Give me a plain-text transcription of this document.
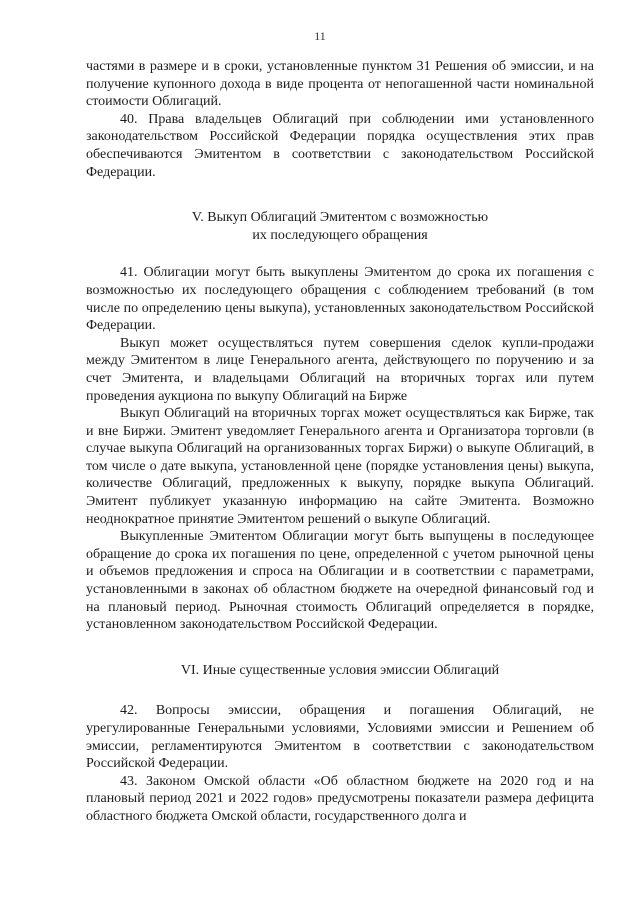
11

частями в размере и в сроки, установленные пунктом 31 Решения об эмиссии, и на получение купонного дохода в виде процента от непогашенной части номинальной стоимости Облигаций.

40. Права владельцев Облигаций при соблюдении ими установленного законодательством Российской Федерации порядка осуществления этих прав обеспечиваются Эмитентом в соответствии с законодательством Российской Федерации.

V. Выкуп Облигаций Эмитентом с возможностью
их последующего обращения

41. Облигации могут быть выкуплены Эмитентом до срока их погашения с возможностью их последующего обращения с соблюдением требований (в том числе по определению цены выкупа), установленных законодательством Российской Федерации.

Выкуп может осуществляться путем совершения сделок купли-продажи между Эмитентом в лице Генерального агента, действующего по поручению и за счет Эмитента, и владельцами Облигаций на вторичных торгах или путем проведения аукциона по выкупу Облигаций на Бирже

Выкуп Облигаций на вторичных торгах может осуществляться как Бирже, так и вне Биржи. Эмитент уведомляет Генерального агента и Организатора торговли (в случае выкупа Облигаций на организованных торгах Биржи) о выкупе Облигаций, в том числе о дате выкупа, установленной цене (порядке установления цены) выкупа, количестве Облигаций, предложенных к выкупу, порядке выкупа Облигаций. Эмитент публикует указанную информацию на сайте Эмитента. Возможно неоднократное принятие Эмитентом решений о выкупе Облигаций.

Выкупленные Эмитентом Облигации могут быть выпущены в последующее обращение до срока их погашения по цене, определенной с учетом рыночной цены и объемов предложения и спроса на Облигации и в соответствии с параметрами, установленными в законах об областном бюджете на очередной финансовый год и на плановый период. Рыночная стоимость Облигаций определяется в порядке, установленном законодательством Российской Федерации.

VI. Иные существенные условия эмиссии Облигаций

42. Вопросы эмиссии, обращения и погашения Облигаций, не урегулированные Генеральными условиями, Условиями эмиссии и Решением об эмиссии, регламентируются Эмитентом в соответствии с законодательством Российской Федерации.

43. Законом Омской области «Об областном бюджете на 2020 год и на плановый период 2021 и 2022 годов» предусмотрены показатели размера дефицита областного бюджета Омской области, государственного долга и
